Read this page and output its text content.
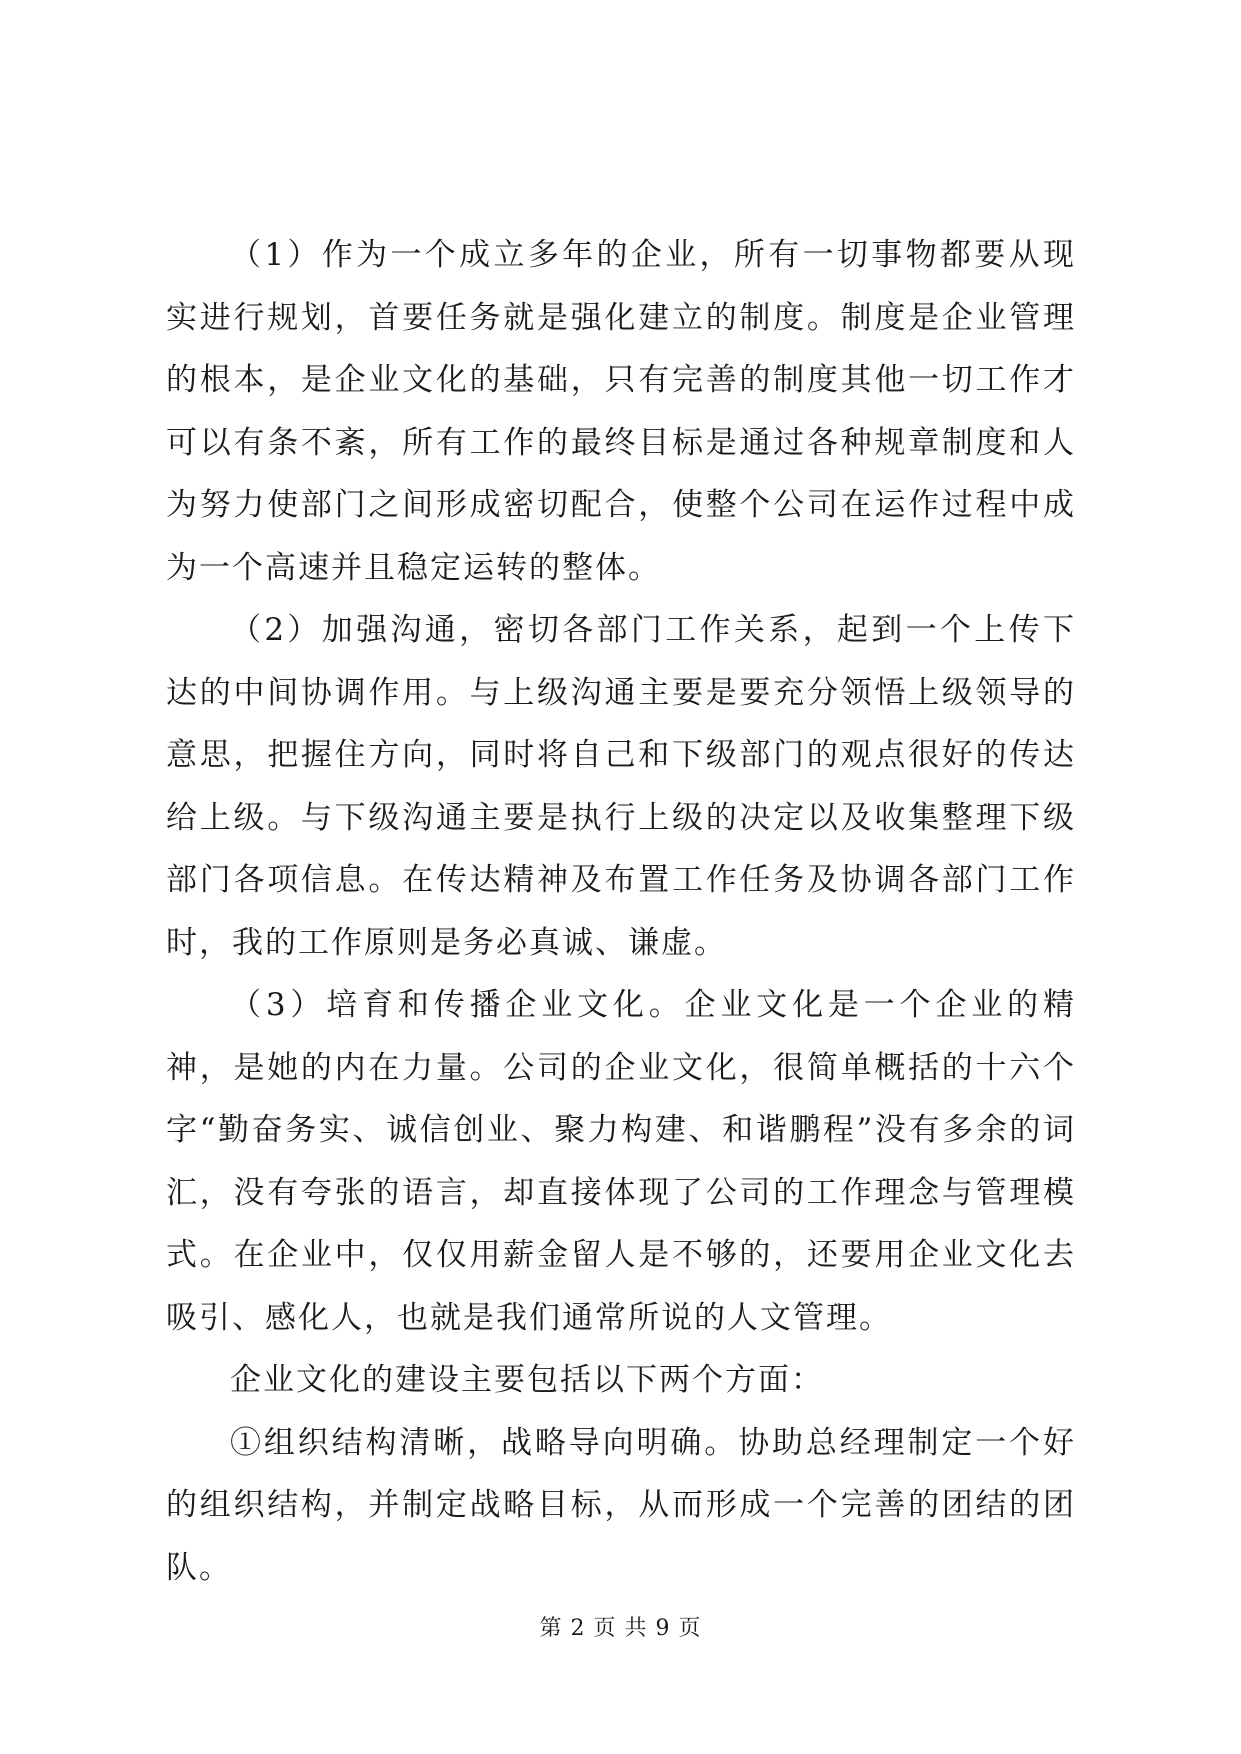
（1）作为一个成立多年的企业，所有一切事物都要从现实进行规划，首要任务就是强化建立的制度。制度是企业管理的根本，是企业文化的基础，只有完善的制度其他一切工作才可以有条不紊，所有工作的最终目标是通过各种规章制度和人为努力使部门之间形成密切配合，使整个公司在运作过程中成为一个高速并且稳定运转的整体。

（2）加强沟通，密切各部门工作关系，起到一个上传下达的中间协调作用。与上级沟通主要是要充分领悟上级领导的意思，把握住方向，同时将自己和下级部门的观点很好的传达给上级。与下级沟通主要是执行上级的决定以及收集整理下级部门各项信息。在传达精神及布置工作任务及协调各部门工作时，我的工作原则是务必真诚、谦虚。

（3）培育和传播企业文化。企业文化是一个企业的精神，是她的内在力量。公司的企业文化，很简单概括的十六个字“勤奋务实、诚信创业、聚力构建、和谐鹏程”没有多余的词汇，没有夸张的语言，却直接体现了公司的工作理念与管理模式。在企业中，仅仅用薪金留人是不够的，还要用企业文化去吸引、感化人，也就是我们通常所说的人文管理。

企业文化的建设主要包括以下两个方面：

①组织结构清晰，战略导向明确。协助总经理制定一个好的组织结构，并制定战略目标，从而形成一个完善的团结的团队。

第 2 页 共 9 页
